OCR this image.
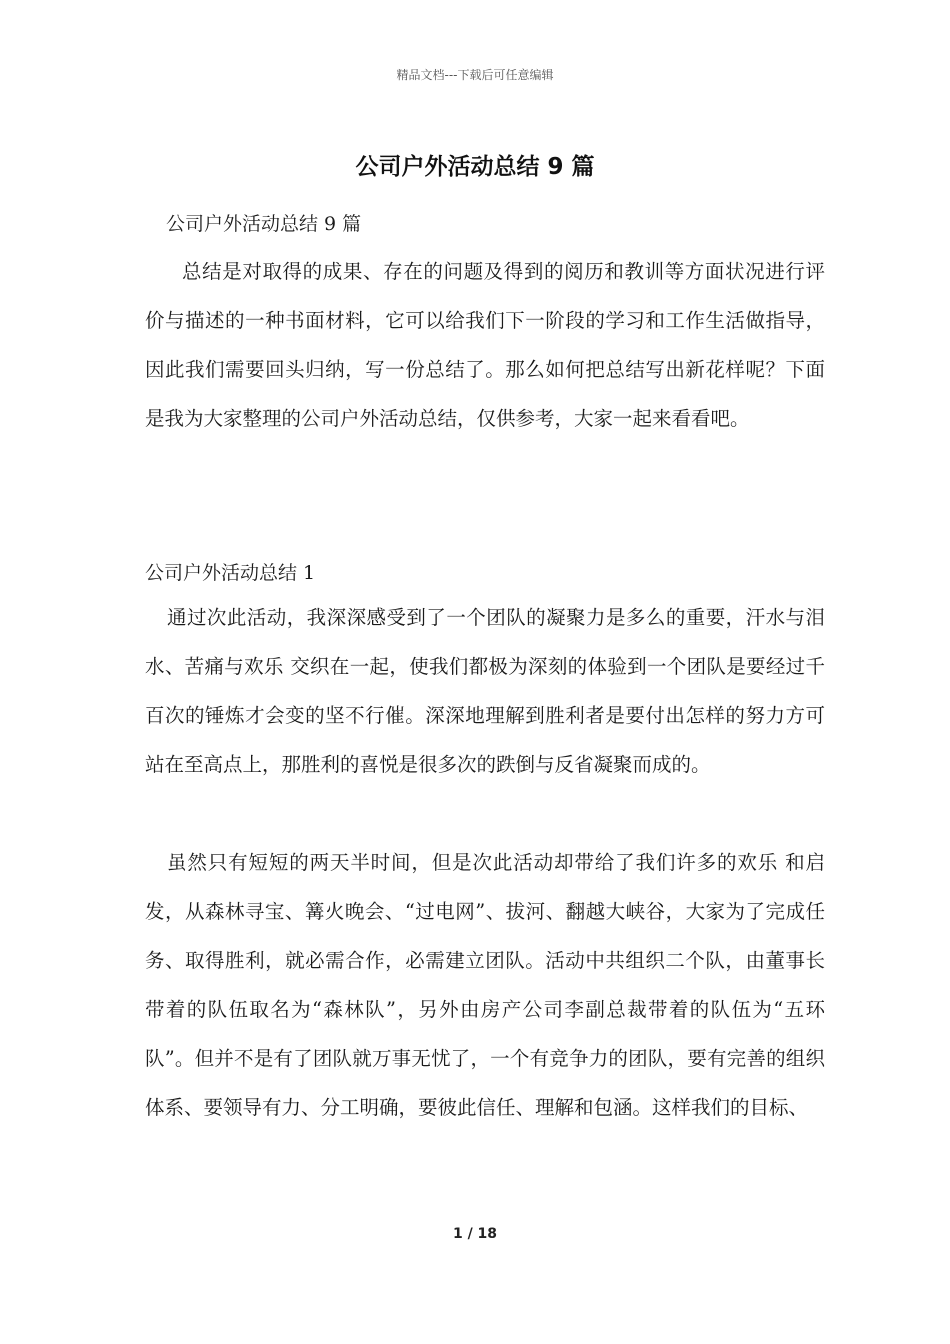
精品文档---下载后可任意编辑
公司户外活动总结 9 篇
公司户外活动总结 9 篇

总结是对取得的成果、存在的问题及得到的阅历和教训等方面状况进行评价与描述的一种书面材料，它可以给我们下一阶段的学习和工作生活做指导，因此我们需要回头归纳，写一份总结了。那么如何把总结写出新花样呢？下面是我为大家整理的公司户外活动总结，仅供参考，大家一起来看看吧。

公司户外活动总结 1

通过次此活动，我深深感受到了一个团队的凝聚力是多么的重要，汗水与泪水、苦痛与欢乐 交织在一起，使我们都极为深刻的体验到一个团队是要经过千百次的锤炼才会变的坚不行催。深深地理解到胜利者是要付出怎样的努力方可站在至高点上，那胜利的喜悦是很多次的跌倒与反省凝聚而成的。

虽然只有短短的两天半时间，但是次此活动却带给了我们许多的欢乐 和启发，从森林寻宝、篝火晚会、“过电网”、拔河、翻越大峡谷，大家为了完成任务、取得胜利，就必需合作，必需建立团队。活动中共组织二个队，由董事长带着的队伍取名为“森林队”，另外由房产公司李副总裁带着的队伍为“五环队”。但并不是有了团队就万事无忧了，一个有竞争力的团队，要有完善的组织体系、要领导有力、分工明确，要彼此信任、理解和包涵。这样我们的目标、

1 / 18
